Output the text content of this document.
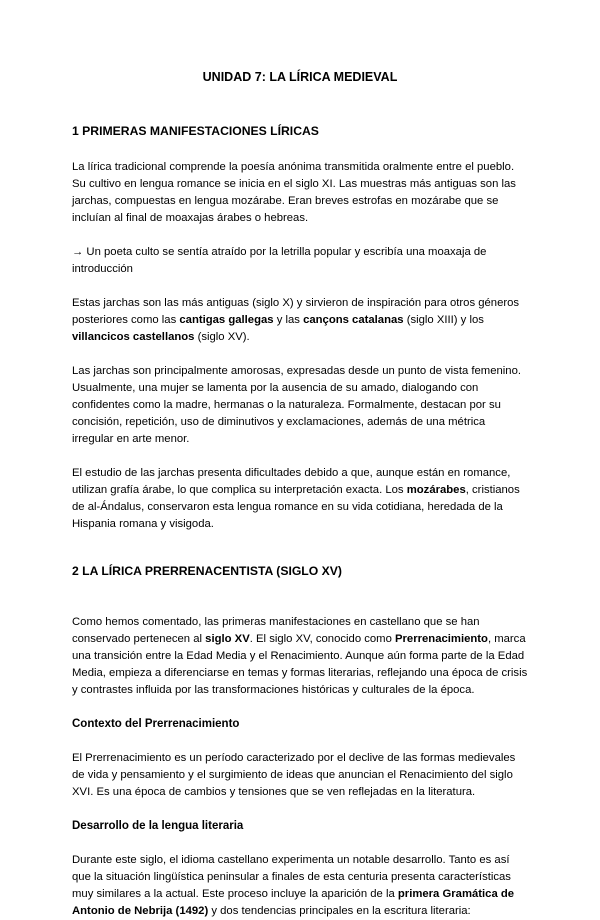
UNIDAD 7: LA LÍRICA MEDIEVAL
1 PRIMERAS MANIFESTACIONES LÍRICAS

La lírica tradicional comprende la poesía anónima transmitida oralmente entre el pueblo. Su cultivo en lengua romance se inicia en el siglo XI. Las muestras más antiguas son las jarchas, compuestas en lengua mozárabe. Eran breves estrofas en mozárabe que se incluían al final de moaxajas árabes o hebreas.

→ Un poeta culto se sentía atraído por la letrilla popular y escribía una moaxaja de introducción

Estas jarchas son las más antiguas (siglo X) y sirvieron de inspiración para otros géneros posteriores como las cantigas gallegas y las cançons catalanas (siglo XIII) y los villancicos castellanos (siglo XV).

Las jarchas son principalmente amorosas, expresadas desde un punto de vista femenino. Usualmente, una mujer se lamenta por la ausencia de su amado, dialogando con confidentes como la madre, hermanas o la naturaleza. Formalmente, destacan por su concisión, repetición, uso de diminutivos y exclamaciones, además de una métrica irregular en arte menor.

El estudio de las jarchas presenta dificultades debido a que, aunque están en romance, utilizan grafía árabe, lo que complica su interpretación exacta. Los mozárabes, cristianos de al-Ándalus, conservaron esta lengua romance en su vida cotidiana, heredada de la Hispania romana y visigoda.

2 LA LÍRICA PRERRENACENTISTA (SIGLO XV)

Como hemos comentado, las primeras manifestaciones en castellano que se han conservado pertenecen al siglo XV. El siglo XV, conocido como Prerrenacimiento, marca una transición entre la Edad Media y el Renacimiento. Aunque aún forma parte de la Edad Media, empieza a diferenciarse en temas y formas literarias, reflejando una época de crisis y contrastes influida por las transformaciones históricas y culturales de la época.

Contexto del Prerrenacimiento

El Prerrenacimiento es un período caracterizado por el declive de las formas medievales de vida y pensamiento y el surgimiento de ideas que anuncian el Renacimiento del siglo XVI. Es una época de cambios y tensiones que se ven reflejadas en la literatura.

Desarrollo de la lengua literaria

Durante este siglo, el idioma castellano experimenta un notable desarrollo. Tanto es así que la situación lingüística peninsular a finales de esta centuria presenta características muy similares a la actual. Este proceso incluye la aparición de la primera Gramática de Antonio de Nebrija (1492) y dos tendencias principales en la escritura literaria:
